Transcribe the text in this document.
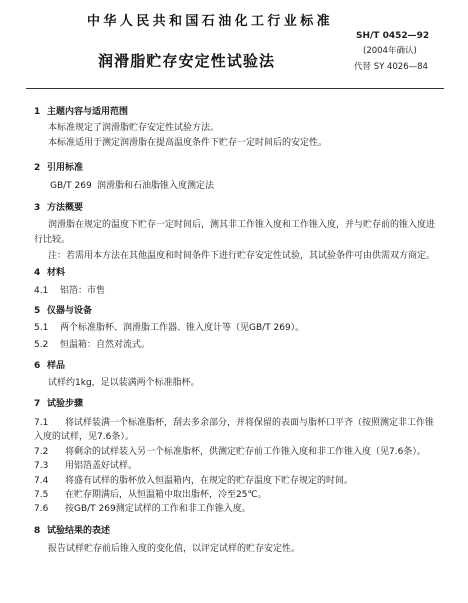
中华人民共和国石油化工行业标准
润滑脂贮存安定性试验法
SH/T 0452—92
(2004年确认)
代替 SY 4026—84
1 主题内容与适用范围
本标准规定了润滑脂贮存安定性试验方法。
本标准适用于测定润滑脂在提高温度条件下贮存一定时间后的安定性。
2 引用标准
GB/T 269 润滑脂和石油脂锥入度测定法
3 方法概要
润滑脂在规定的温度下贮存一定时间后，测其非工作锥入度和工作锥入度，并与贮存前的锥入度进
行比较。
注：若需用本方法在其他温度和时间条件下进行贮存安定性试验，其试验条件可由供需双方商定。
4 材料
4.1 铝箔：市售
5 仪器与设备
5.1 两个标准脂杯、润滑脂工作器、锥入度计等（见GB/T 269）。
5.2 恒温箱：自然对流式。
6 样品
试样约1kg，足以装满两个标准脂杯。
7 试验步骤
7.1 将试样装满一个标准脂杯，刮去多余部分，并将保留的表面与脂杯口平齐（按照测定非工作锥
入度的试样，见7.6条）。
7.2 将剩余的试样装入另一个标准脂杯，供测定贮存前工作锥入度和非工作锥入度（见7.6条）。
7.3 用铝箔盖好试样。
7.4 将盛有试样的脂杯放入恒温箱内，在规定的贮存温度下贮存规定的时间。
7.5 在贮存期满后，从恒温箱中取出脂杯，冷至25℃。
7.6 按GB/T 269测定试样的工作和非工作锥入度。
8 试验结果的表述
报告试样贮存前后锥入度的变化值，以评定试样的贮存安定性。
